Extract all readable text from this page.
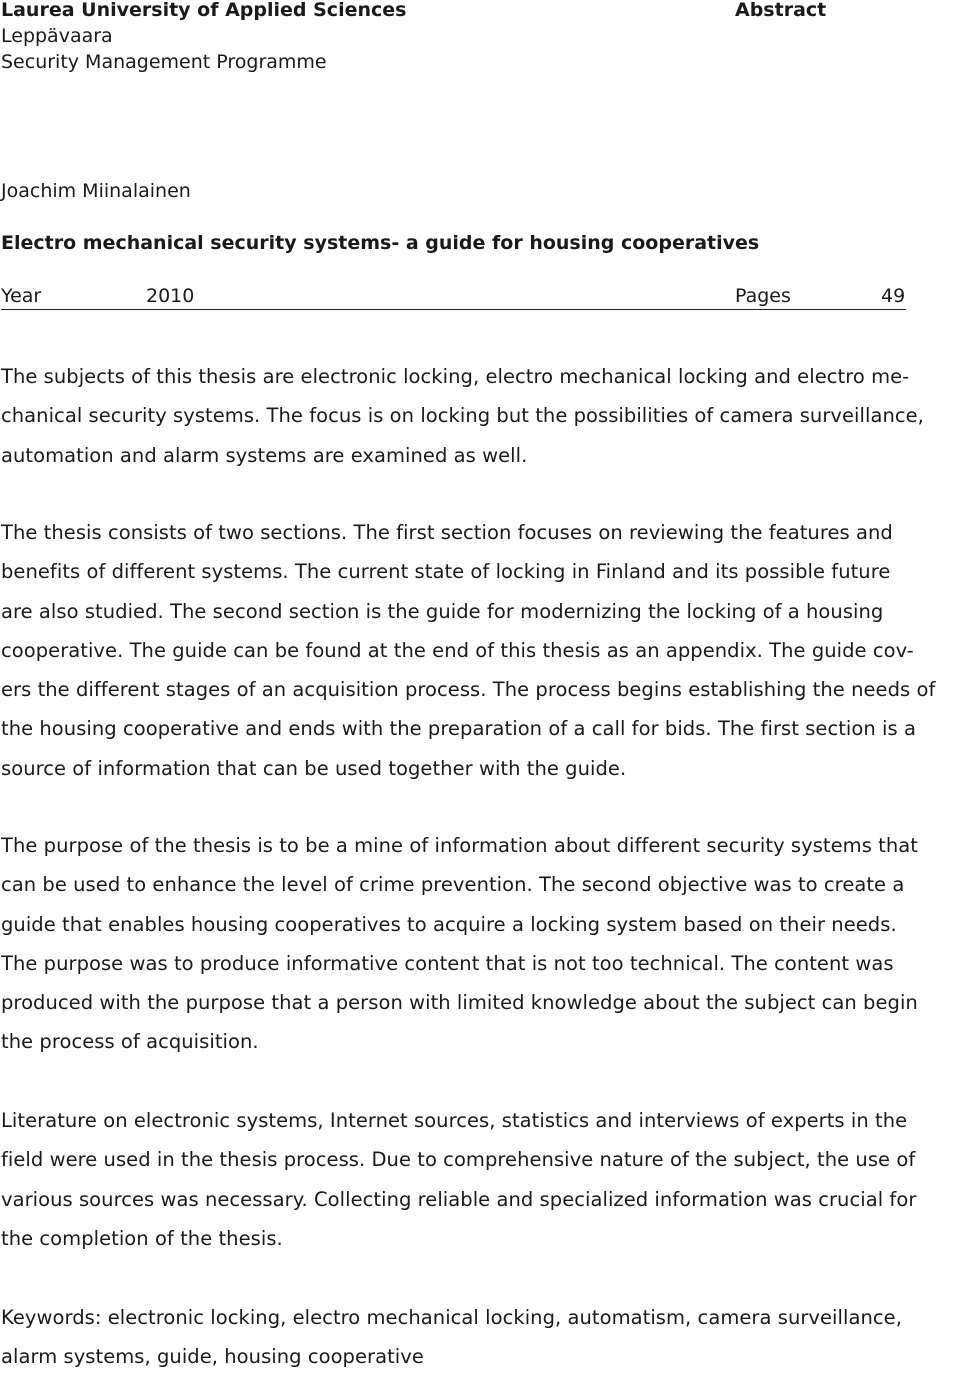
Laurea University of Applied Sciences
Leppävaara
Security Management Programme
Abstract
Joachim Miinalainen
Electro mechanical security systems- a guide for housing cooperatives
Year	2010	Pages	49

The subjects of this thesis are electronic locking, electro mechanical locking and electro me-
chanical security systems. The focus is on locking but the possibilities of camera surveillance,
automation and alarm systems are examined as well.

The thesis consists of two sections. The first section focuses on reviewing the features and
benefits of different systems. The current state of locking in Finland and its possible future
are also studied. The second section is the guide for modernizing the locking of a housing
cooperative. The guide can be found at the end of this thesis as an appendix. The guide cov-
ers the different stages of an acquisition process. The process begins establishing the needs of
the housing cooperative and ends with the preparation of a call for bids. The first section is a
source of information that can be used together with the guide.

The purpose of the thesis is to be a mine of information about different security systems that
can be used to enhance the level of crime prevention. The second objective was to create a
guide that enables housing cooperatives to acquire a locking system based on their needs.
The purpose was to produce informative content that is not too technical. The content was
produced with the purpose that a person with limited knowledge about the subject can begin
the process of acquisition.

Literature on electronic systems, Internet sources, statistics and interviews of experts in the
field were used in the thesis process. Due to comprehensive nature of the subject, the use of
various sources was necessary. Collecting reliable and specialized information was crucial for
the completion of the thesis.

Keywords: electronic locking, electro mechanical locking, automatism, camera surveillance,
alarm systems, guide, housing cooperative
